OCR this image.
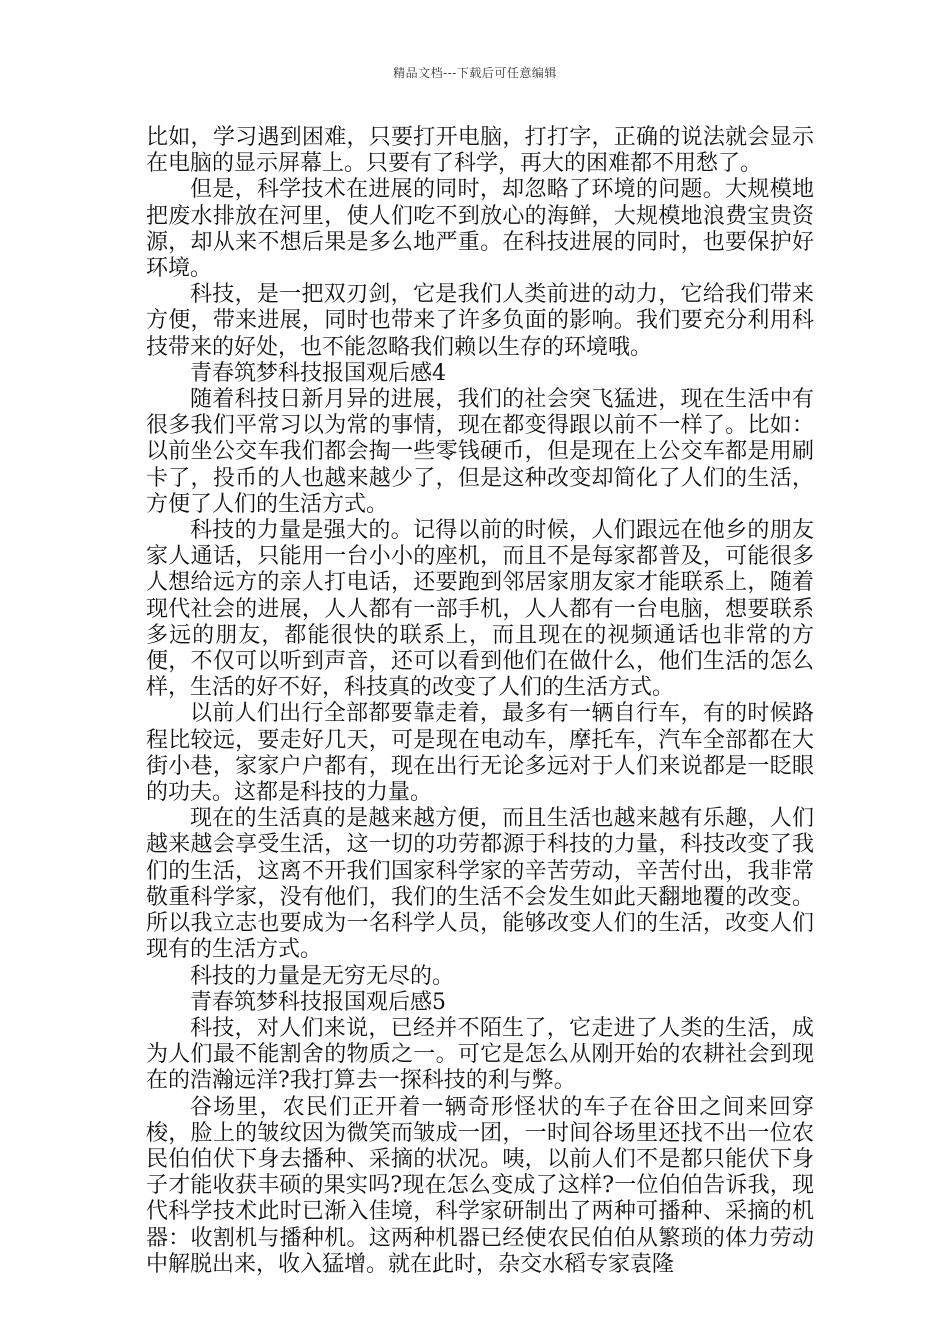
精品文档---下载后可任意编辑

比如，学习遇到困难，只要打开电脑，打打字，正确的说法就会显示在电脑的显示屏幕上。只要有了科学，再大的困难都不用愁了。

但是，科学技术在进展的同时，却忽略了环境的问题。大规模地把废水排放在河里，使人们吃不到放心的海鲜，大规模地浪费宝贵资源，却从来不想后果是多么地严重。在科技进展的同时，也要保护好环境。

科技，是一把双刃剑，它是我们人类前进的动力，它给我们带来方便，带来进展，同时也带来了许多负面的影响。我们要充分利用科技带来的好处，也不能忽略我们赖以生存的环境哦。

青春筑梦科技报国观后感4

随着科技日新月异的进展，我们的社会突飞猛进，现在生活中有很多我们平常习以为常的事情，现在都变得跟以前不一样了。比如：以前坐公交车我们都会掏一些零钱硬币，但是现在上公交车都是用刷卡了，投币的人也越来越少了，但是这种改变却简化了人们的生活，方便了人们的生活方式。

科技的力量是强大的。记得以前的时候，人们跟远在他乡的朋友家人通话，只能用一台小小的座机，而且不是每家都普及，可能很多人想给远方的亲人打电话，还要跑到邻居家朋友家才能联系上，随着现代社会的进展，人人都有一部手机，人人都有一台电脑，想要联系多远的朋友，都能很快的联系上，而且现在的视频通话也非常的方便，不仅可以听到声音，还可以看到他们在做什么，他们生活的怎么样，生活的好不好，科技真的改变了人们的生活方式。

以前人们出行全部都要靠走着，最多有一辆自行车，有的时候路程比较远，要走好几天，可是现在电动车，摩托车，汽车全部都在大街小巷，家家户户都有，现在出行无论多远对于人们来说都是一眨眼的功夫。这都是科技的力量。

现在的生活真的是越来越方便，而且生活也越来越有乐趣，人们越来越会享受生活，这一切的功劳都源于科技的力量，科技改变了我们的生活，这离不开我们国家科学家的辛苦劳动，辛苦付出，我非常敬重科学家，没有他们，我们的生活不会发生如此天翻地覆的改变。所以我立志也要成为一名科学人员，能够改变人们的生活，改变人们现有的生活方式。

科技的力量是无穷无尽的。

青春筑梦科技报国观后感5

科技，对人们来说，已经并不陌生了，它走进了人类的生活，成为人们最不能割舍的物质之一。可它是怎么从刚开始的农耕社会到现在的浩瀚远洋?我打算去一探科技的利与弊。

谷场里，农民们正开着一辆奇形怪状的车子在谷田之间来回穿梭，脸上的皱纹因为微笑而皱成一团，一时间谷场里还找不出一位农民伯伯伏下身去播种、采摘的状况。咦，以前人们不是都只能伏下身子才能收获丰硕的果实吗?现在怎么变成了这样?一位伯伯告诉我，现代科学技术此时已渐入佳境，科学家研制出了两种可播种、采摘的机器：收割机与播种机。这两种机器已经使农民伯伯从繁琐的体力劳动中解脱出来，收入猛增。就在此时，杂交水稻专家袁隆
